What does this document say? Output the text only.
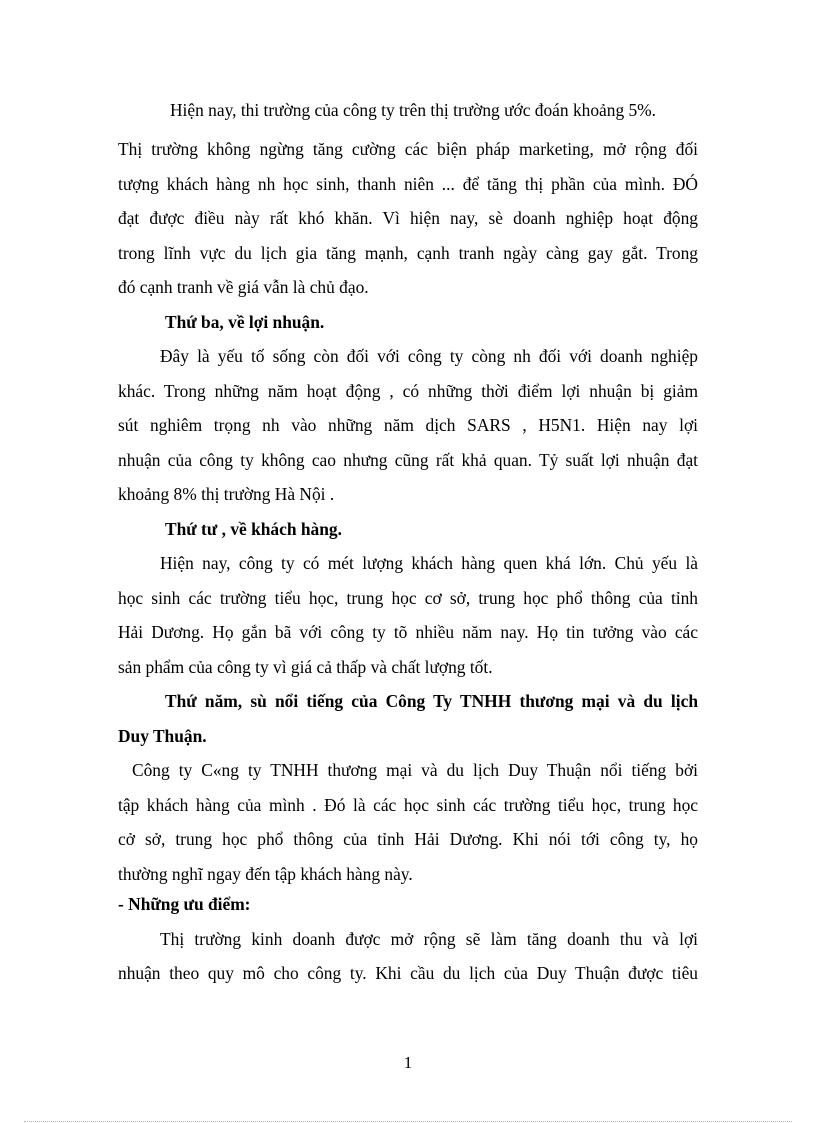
Hiện nay, thi trường của công ty trên thị trường ước đoán khoảng 5%.
Thị trường không ngừng tăng cường các biện pháp marketing, mở rộng đối
tượng khách hàng nh học sinh, thanh niên ... để tăng thị phần của mình. ĐÓ
đạt được điều này rất khó khăn. Vì hiện nay, sè doanh nghiệp hoạt động
trong lĩnh vực du lịch gia tăng mạnh, cạnh tranh ngày càng gay gắt. Trong
đó cạnh tranh về giá vẫn là chủ đạo.
Thứ ba, về lợi nhuận.
Đây là yếu tố sống còn đối với công ty còng nh đối với doanh nghiệp
khác. Trong những năm hoạt động , có những thời điểm lợi nhuận bị giảm
sút nghiêm trọng nh vào những năm dịch SARS , H5N1. Hiện nay lợi
nhuận của công ty không cao nhưng cũng rất khả quan. Tỷ suất lợi nhuận đạt
khoảng 8% thị trường Hà Nội .
Thứ tư , về khách hàng.
Hiện nay, công ty có mét lượng khách hàng quen khá lớn. Chủ yếu là
học sinh các trường tiểu học, trung học cơ sở, trung học phổ thông của tỉnh
Hải Dương. Họ gắn bã với công ty tõ nhiều năm nay. Họ tin tưởng vào các
sản phẩm của công ty vì giá cả thấp và chất lượng tốt.
Thứ năm, sù nổi tiếng của Công Ty TNHH thương mại và du lịch
Duy Thuận.
Công ty C«ng ty TNHH thương mại và du lịch Duy Thuận nổi tiếng bởi
tập khách hàng của mình . Đó là các học sinh các trường tiểu học, trung học
cở sở, trung học phổ thông của tỉnh Hải Dương. Khi nói tới công ty, họ
thường nghĩ ngay đến tập khách hàng này.
- Những ưu điểm:
Thị trường kinh doanh được mở rộng sẽ làm tăng doanh thu và lợi
nhuận theo quy mô cho công ty. Khi cầu du lịch của Duy Thuận được tiêu
1
